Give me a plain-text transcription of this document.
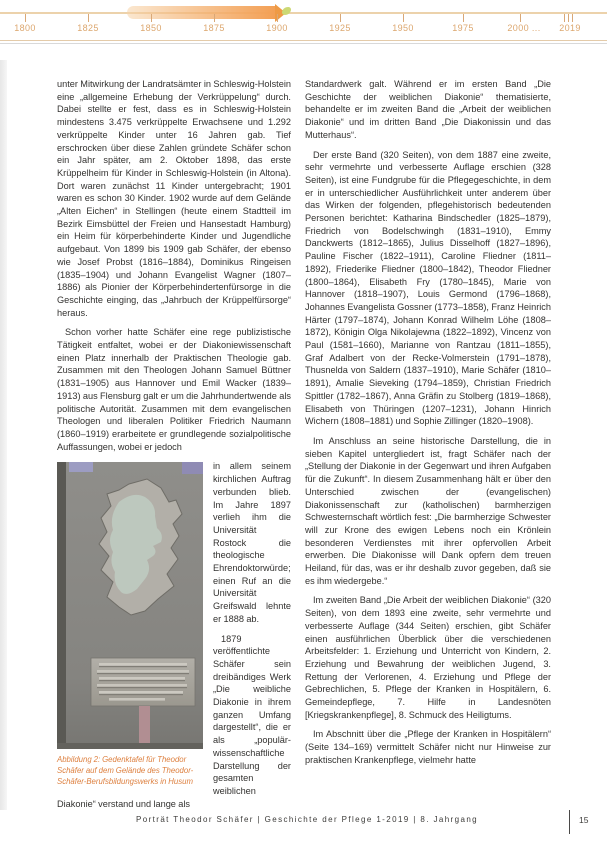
1800	1825	1850	1875	1900	1925	1950	1975	2000 ... 2019

unter Mitwirkung der Landratsämter in Schleswig-Holstein eine „allgemeine Erhebung der Verkrüppelung“ durch. Dabei stellte er fest, dass es in Schleswig-Holstein mindestens 3.475 verkrüppelte Erwachsene und 1.292 verkrüppelte Kinder unter 16 Jahren gab. Tief erschrocken über diese Zahlen gründete Schäfer schon ein Jahr später, am 2. Oktober 1898, das erste Krüppelheim für Kinder in Schleswig-Holstein (in Altona). Dort waren zunächst 11 Kinder untergebracht; 1901 waren es schon 30 Kinder. 1902 wurde auf dem Gelände „Alten Eichen“ in Stellingen (heute einem Stadtteil im Bezirk Eimsbüttel der Freien und Hansestadt Hamburg) ein Heim für körperbehinderte Kinder und Jugendliche aufgebaut. Von 1899 bis 1909 gab Schäfer, der ebenso wie Josef Probst (1816–1884), Dominikus Ringeisen (1835–1904) und Johann Evangelist Wagner (1807–1886) als Pionier der Körperbehindertenfürsorge in die Geschichte einging, das „Jahrbuch der Krüppelfürsorge“ heraus.

Schon vorher hatte Schäfer eine rege publizistische Tätigkeit entfaltet, wobei er der Diakoniewissenschaft einen Platz innerhalb der Praktischen Theologie gab. Zusammen mit den Theologen Johann Samuel Büttner (1831–1905) aus Hannover und Emil Wacker (1839–1913) aus Flensburg galt er um die Jahrhundertwende als politische Autorität. Zusammen mit dem evangelischen Theologen und liberalen Politiker Friedrich Naumann (1860–1919) erarbeitete er grundlegende sozialpolitische Auffassungen, wobei er jedoch

Abbildung 2: Gedenktafel für Theodor Schäfer auf dem Gelände des Theodor-Schäfer-Berufsbildungswerks in Husum

in allem seinem kirchlichen Auftrag verbunden blieb. Im Jahre 1897 verlieh ihm die Universität Rostock die theologische Ehrendoktorwürde; einen Ruf an die Universität Greifswald lehnte er 1888 ab.

1879 veröffentlichte Schäfer sein dreibändiges Werk „Die weibliche Diakonie in ihrem ganzen Umfang dargestellt“, die er als „populär-wissenschaftliche Darstellung der gesamten weiblichen Diakonie“ verstand und lange als

Standardwerk galt. Während er im ersten Band „Die Geschichte der weiblichen Diakonie“ thematisierte, behandelte er im zweiten Band die „Arbeit der weiblichen Diakonie“ und im dritten Band „Die Diakonissin und das Mutterhaus“.

Der erste Band (320 Seiten), von dem 1887 eine zweite, sehr vermehrte und verbesserte Auflage erschien (328 Seiten), ist eine Fundgrube für die Pflegegeschichte, in dem er in unterschiedlicher Ausführlichkeit unter anderem über das Wirken der folgenden, pflegehistorisch bedeutenden Personen berichtet: Katharina Bindschedler (1825–1879), Friedrich von Bodelschwingh (1831–1910), Emmy Danckwerts (1812–1865), Julius Disselhoff (1827–1896), Pauline Fischer (1822–1911), Caroline Fliedner (1811–1892), Friederike Fliedner (1800–1842), Theodor Fliedner (1800–1864), Elisabeth Fry (1780–1845), Marie von Hannover (1818–1907), Louis Germond (1796–1868), Johannes Evangelista Gossner (1773–1858), Franz Heinrich Härter (1797–1874), Johann Konrad Wilhelm Löhe (1808–1872), Königin Olga Nikolajewna (1822–1892), Vincenz von Paul (1581–1660), Marianne von Rantzau (1811–1855), Graf Adalbert von der Recke-Volmerstein (1791–1878), Thusnelda von Saldern (1837–1910), Marie Schäfer (1810–1891), Amalie Sieveking (1794–1859), Christian Friedrich Spittler (1782–1867), Anna Gräfin zu Stolberg (1819–1868), Elisabeth von Thüringen (1207–1231), Johann Hinrich Wichern (1808–1881) und Sophie Zillinger (1820–1908).

Im Anschluss an seine historische Darstellung, die in sieben Kapitel untergliedert ist, fragt Schäfer nach der „Stellung der Diakonie in der Gegenwart und ihren Aufgaben für die Zukunft“. In diesem Zusammenhang hält er über den Unterschied zwischen der (evangelischen) Diakonissenschaft zur (katholischen) barmherzigen Schwesternschaft wörtlich fest: „Die barmherzige Schwester will zur Krone des ewigen Lebens noch ein Krönlein besonderen Verdienstes mit ihrer opfervollen Arbeit erwerben. Die Diakonisse will Dank opfern dem treuen Heiland, für das, was er ihr deshalb zuvor gegeben, daß sie es ihm wiedergebe.“

Im zweiten Band „Die Arbeit der weiblichen Diakonie“ (320 Seiten), von dem 1893 eine zweite, sehr vermehrte und verbesserte Auflage (344 Seiten) erschien, gibt Schäfer einen ausführlichen Überblick über die verschiedenen Arbeitsfelder: 1. Erziehung und Unterricht von Kindern, 2. Erziehung und Bewahrung der weiblichen Jugend, 3. Rettung der Verlorenen, 4. Erziehung und Pflege der Gebrechlichen, 5. Pflege der Kranken in Hospitälern, 6. Gemeindepflege, 7. Hilfe in Landesnöten [Kriegskrankenpflege], 8. Schmuck des Heiligtums.

Im Abschnitt über die „Pflege der Kranken in Hospitälern“ (Seite 134–169) vermittelt Schäfer nicht nur Hinweise zur praktischen Krankenpflege, vielmehr hatte

Porträt Theodor Schäfer | Geschichte der Pflege 1-2019 | 8. Jahrgang	15
